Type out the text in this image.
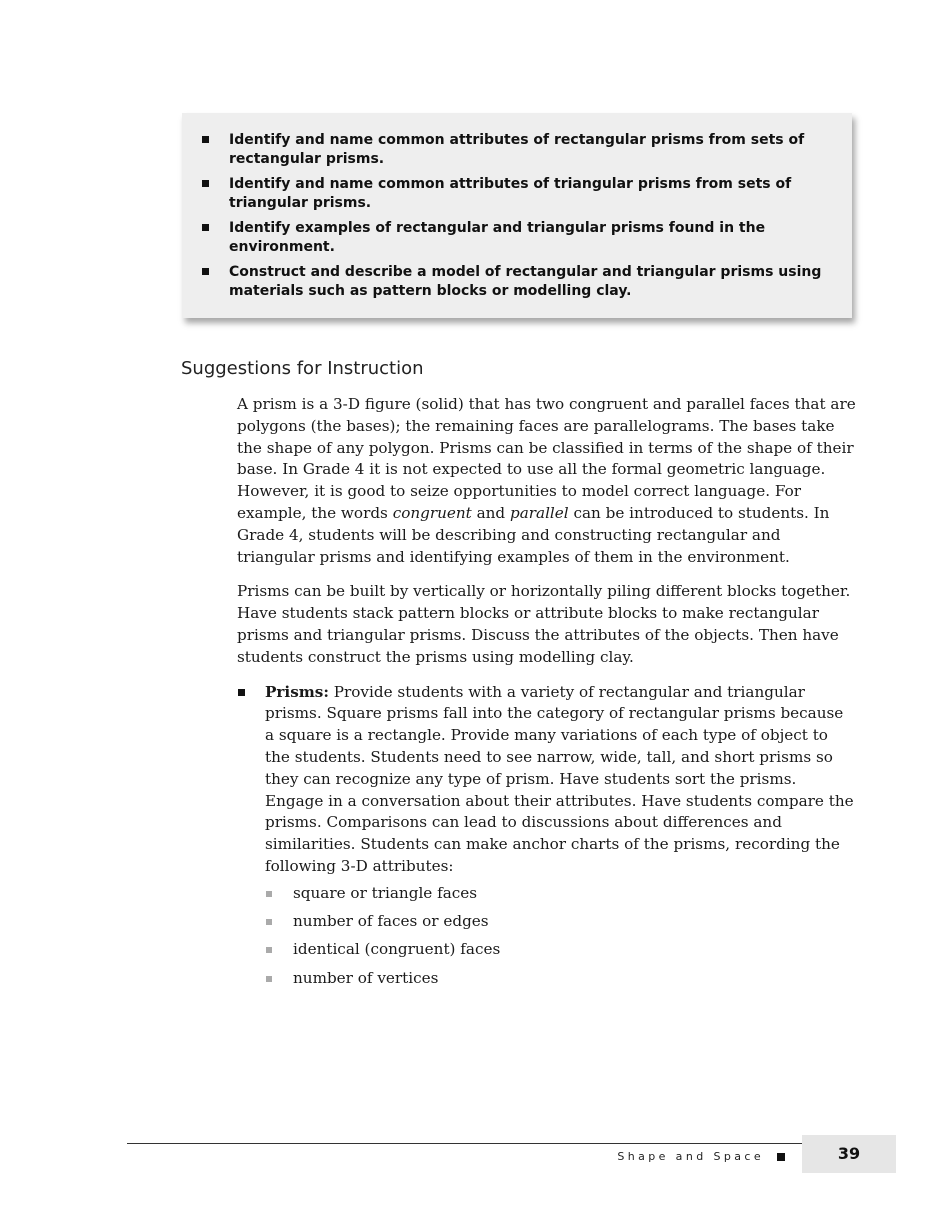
Identify and name common attributes of rectangular prisms from sets of rectangular prisms.
Identify and name common attributes of triangular prisms from sets of triangular prisms.
Identify examples of rectangular and triangular prisms found in the environment.
Construct and describe a model of rectangular and triangular prisms using materials such as pattern blocks or modelling clay.
Suggestions for Instruction

A prism is a 3-D figure (solid) that has two congruent and parallel faces that are polygons (the bases); the remaining faces are parallelograms. The bases take the shape of any polygon. Prisms can be classified in terms of the shape of their base. In Grade 4 it is not expected to use all the formal geometric language. However, it is good to seize opportunities to model correct language. For example, the words congruent and parallel can be introduced to students. In Grade 4, students will be describing and constructing rectangular and triangular prisms and identifying examples of them in the environment.

Prisms can be built by vertically or horizontally piling different blocks together. Have students stack pattern blocks or attribute blocks to make rectangular prisms and triangular prisms. Discuss the attributes of the objects. Then have students construct the prisms using modelling clay.

Prisms: Provide students with a variety of rectangular and triangular prisms. Square prisms fall into the category of rectangular prisms because a square is a rectangle. Provide many variations of each type of object to the students. Students need to see narrow, wide, tall, and short prisms so they can recognize any type of prism. Have students sort the prisms. Engage in a conversation about their attributes. Have students compare the prisms. Comparisons can lead to discussions about differences and similarities. Students can make anchor charts of the prisms, recording the following 3-D attributes:
square or triangle faces
number of faces or edges
identical (congruent) faces
number of vertices
Shape and Space	39
